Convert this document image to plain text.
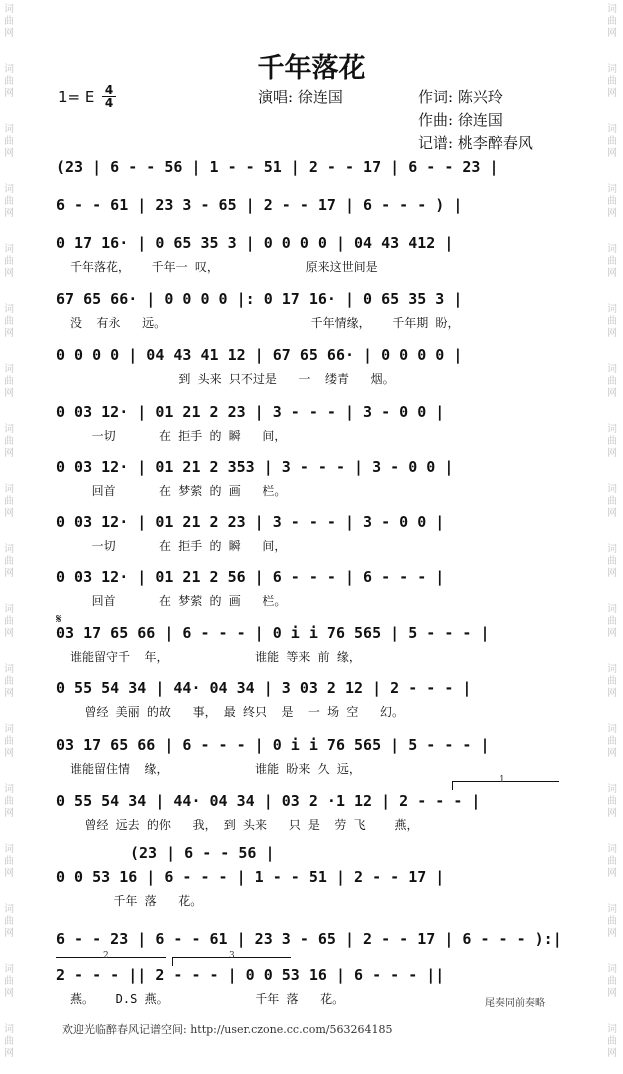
词
曲
网
词
曲
网
词
曲
网
词
曲
网
词
曲
网
词
曲
网
词
曲
网
词
曲
网
词
曲
网
词
曲
网
词
曲
网
词
曲
网
词
曲
网
词
曲
网
词
曲
网
词
曲
网
词
曲
网
词
曲
网
词
曲
网
词
曲
网
词
曲
网
词
曲
网
词
曲
网
词
曲
网
词
曲
网
词
曲
网
词
曲
网
词
曲
网
词
曲
网
词
曲
网
词
曲
网
词
曲
网
词
曲
网
词
曲
网
词
曲
网
词
曲
网
千年落花
1= E 4
4	演唱: 徐连国	作词: 陈兴玲
作曲: 徐连国
记谱: 桃李醉春风
𝄋
(23 | 6 - - 56 | 1 - - 51 | 2 - - 17 | 6 - - 23 |
6 - - 61 | 23 3 - 65 | 2 - - 17 | 6 - - - ) |
0 17 16· | 0 65 35 3 | 0 0 0 0 | 04 43 412 |
千年落花，   千年一 叹，            原来这世间是
67 65 66· | 0 0 0 0 |: 0 17 16· | 0 65 35 3 |
没  有永   远。                    千年情缘，   千年期 盼，
0 0 0 0 | 04 43 41 12 | 67 65 66· | 0 0 0 0 |
到 头来 只不过是   一  缕青   烟。
0 03 12· | 01 21 2 23 | 3 - - - | 3 - 0 0 |
一切      在 拒手 的 瞬   间，
0 03 12· | 01 21 2 353 | 3 - - - | 3 - 0 0 |
回首      在 梦萦 的 画   栏。
0 03 12· | 01 21 2 23 | 3 - - - | 3 - 0 0 |
一切      在 拒手 的 瞬   间，
0 03 12· | 01 21 2 56 | 6 - - - | 6 - - - |
回首      在 梦萦 的 画   栏。
03 17 65 66 | 6 - - - | 0 i i 76 565 | 5 - - - |
谁能留守千  年，            谁能 等来 前 缘，
0 55 54 34 | 44· 04 34 | 3 03 2 12 | 2 - - - |
曾经 美丽 的故   事， 最 终只  是  一 场 空   幻。
03 17 65 66 | 6 - - - | 0 i i 76 565 | 5 - - - |
谁能留住情  缘，            谁能 盼来 久 远，
0 55 54 34 | 44· 04 34 | 03 2 ·1 12 | 2 - - - |
曾经 远去 的你   我， 到 头来   只 是  劳 飞    燕，
0 0 53 16 | 6 - - - | 1 - - 51 | 2 - - 17 |
千年 落   花。
(23 | 6 - - 56 |
6 - - 23 | 6 - - 61 | 23 3 - 65 | 2 - - 17 | 6 - - - ):|
2 - - - || 2 - - - | 0 0 53 16 | 6 - - - ||
燕。   D.S 燕。            千年 落   花。
1
2	3
尾奏同前奏略
欢迎光临醉春风记谱空间: http://user.czone.cc.com/563264185
